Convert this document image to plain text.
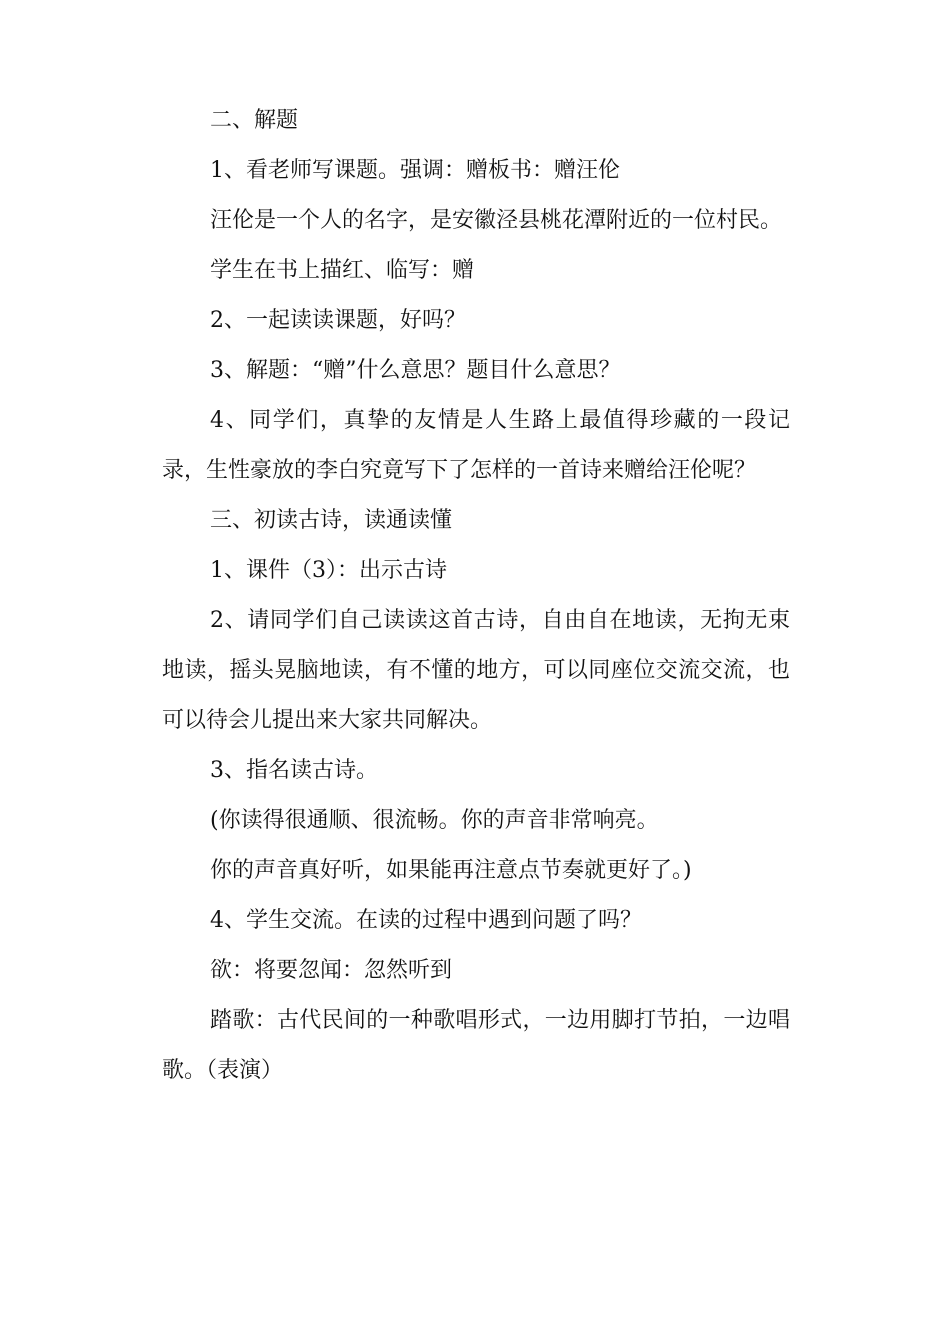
二、解题

1、看老师写课题。强调：赠板书：赠汪伦

汪伦是一个人的名字，是安徽泾县桃花潭附近的一位村民。

学生在书上描红、临写：赠

2、一起读读课题，好吗？

3、解题：“赠”什么意思？题目什么意思？

4、同学们，真挚的友情是人生路上最值得珍藏的一段记录，生性豪放的李白究竟写下了怎样的一首诗来赠给汪伦呢？

三、初读古诗，读通读懂

1、课件（3）：出示古诗

2、请同学们自己读读这首古诗，自由自在地读，无拘无束地读，摇头晃脑地读，有不懂的地方，可以同座位交流交流，也可以待会儿提出来大家共同解决。

3、指名读古诗。

(你读得很通顺、很流畅。你的声音非常响亮。

你的声音真好听，如果能再注意点节奏就更好了。)

4、学生交流。在读的过程中遇到问题了吗？

欲：将要忽闻：忽然听到

踏歌：古代民间的一种歌唱形式，一边用脚打节拍，一边唱歌。（表演）
